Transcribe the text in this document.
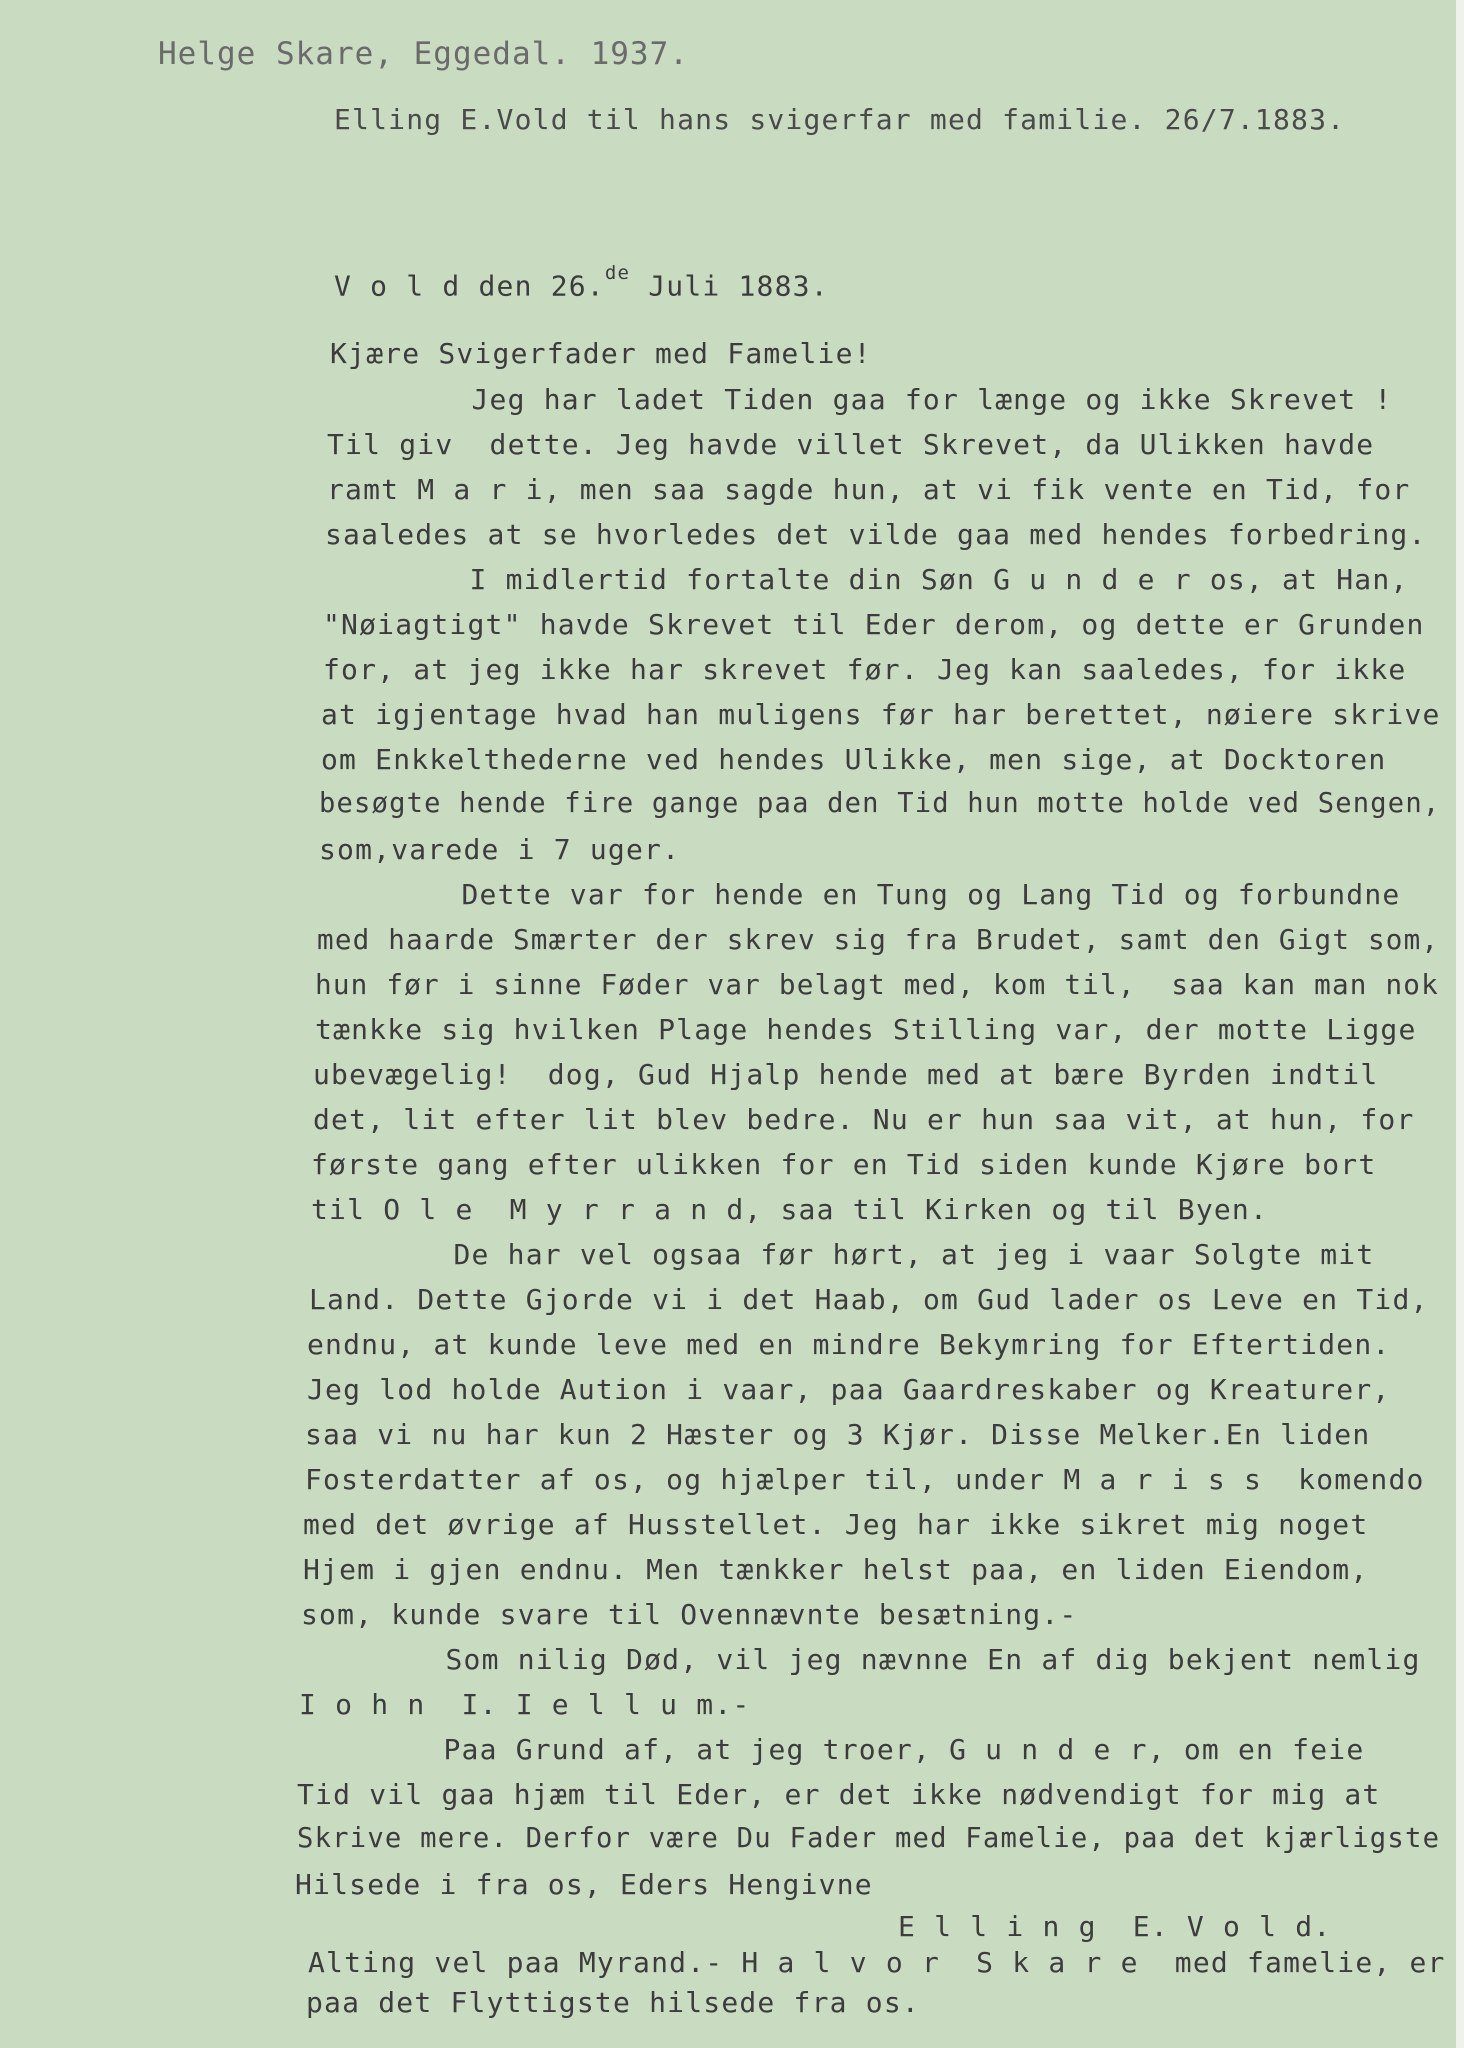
Helge Skare, Eggedal. 1937.
Elling E.Vold til hans svigerfar med familie. 26/7.1883.
V o l d den 26.$^{de}$ Juli 1883.
Kjære Svigerfader med Famelie!
Jeg har ladet Tiden gaa for længe og ikke Skrevet !
Til giv  dette. Jeg havde villet Skrevet, da Ulikken havde
ramt M a r i, men saa sagde hun, at vi fik vente en Tid, for
saaledes at se hvorledes det vilde gaa med hendes forbedring.
I midlertid fortalte din Søn G u n d e r os, at Han,
"Nøiagtigt" havde Skrevet til Eder derom, og dette er Grunden
for, at jeg ikke har skrevet før. Jeg kan saaledes, for ikke
at igjentage hvad han muligens før har berettet, nøiere skrive
om Enkkelthederne ved hendes Ulikke, men sige, at Docktoren
besøgte hende fire gange paa den Tid hun motte holde ved Sengen,
som,varede i 7 uger.
Dette var for hende en Tung og Lang Tid og forbundne
med haarde Smærter der skrev sig fra Brudet, samt den Gigt som,
hun før i sinne Føder var belagt med, kom til,  saa kan man nok
tænkke sig hvilken Plage hendes Stilling var, der motte Ligge
ubevægelig!  dog, Gud Hjalp hende med at bære Byrden indtil
det, lit efter lit blev bedre. Nu er hun saa vit, at hun, for
første gang efter ulikken for en Tid siden kunde Kjøre bort
til O l e  M y r r a n d, saa til Kirken og til Byen.
De har vel ogsaa før hørt, at jeg i vaar Solgte mit
Land. Dette Gjorde vi i det Haab, om Gud lader os Leve en Tid,
endnu, at kunde leve med en mindre Bekymring for Eftertiden.
Jeg lod holde Aution i vaar, paa Gaardreskaber og Kreaturer,
saa vi nu har kun 2 Hæster og 3 Kjør. Disse Melker.En liden
Fosterdatter af os, og hjælper til, under M a r i s s  komendo
med det øvrige af Husstellet. Jeg har ikke sikret mig noget
Hjem i gjen endnu. Men tænkker helst paa, en liden Eiendom,
som, kunde svare til Ovennævnte besætning.-
Som nilig Død, vil jeg nævnne En af dig bekjent nemlig
I o h n  I. I e l l u m.-
Paa Grund af, at jeg troer, G u n d e r, om en feie
Tid vil gaa hjæm til Eder, er det ikke nødvendigt for mig at
Skrive mere. Derfor være Du Fader med Famelie, paa det kjærligste
Hilsede i fra os, Eders Hengivne
E l l i n g  E. V o l d.
Alting vel paa Myrand.- H a l v o r  S k a r e  med famelie, er
paa det Flyttigste hilsede fra os.
